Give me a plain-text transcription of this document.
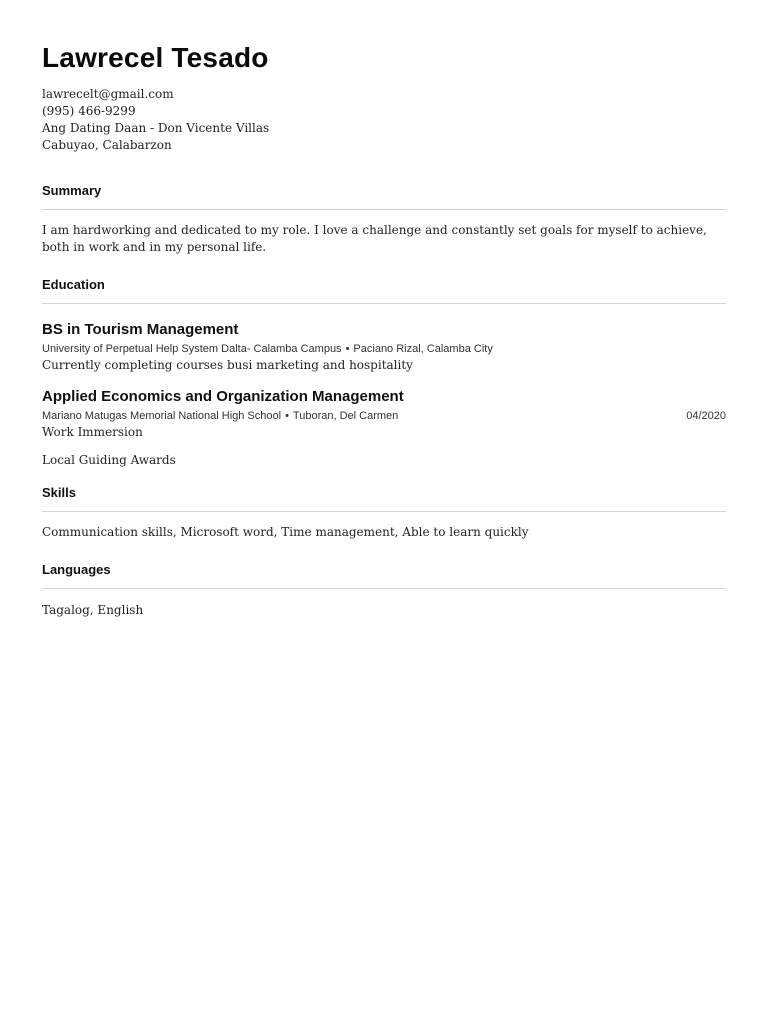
Lawrecel Tesado
lawrecelt@gmail.com
(995) 466-9299
Ang Dating Daan - Don Vicente Villas
Cabuyao, Calabarzon
Summary
I am hardworking and dedicated to my role. I love a challenge and constantly set goals for myself to achieve, both in work and in my personal life.
Education
BS in Tourism Management
University of Perpetual Help System Dalta- Calamba Campus • Paciano Rizal, Calamba City
Currently completing courses busi marketing and hospitality
Applied Economics and Organization Management
Mariano Matugas Memorial National High School • Tuboran, Del Carmen	04/2020
Work Immersion
Local Guiding Awards
Skills
Communication skills, Microsoft word, Time management, Able to learn quickly
Languages
Tagalog, English
